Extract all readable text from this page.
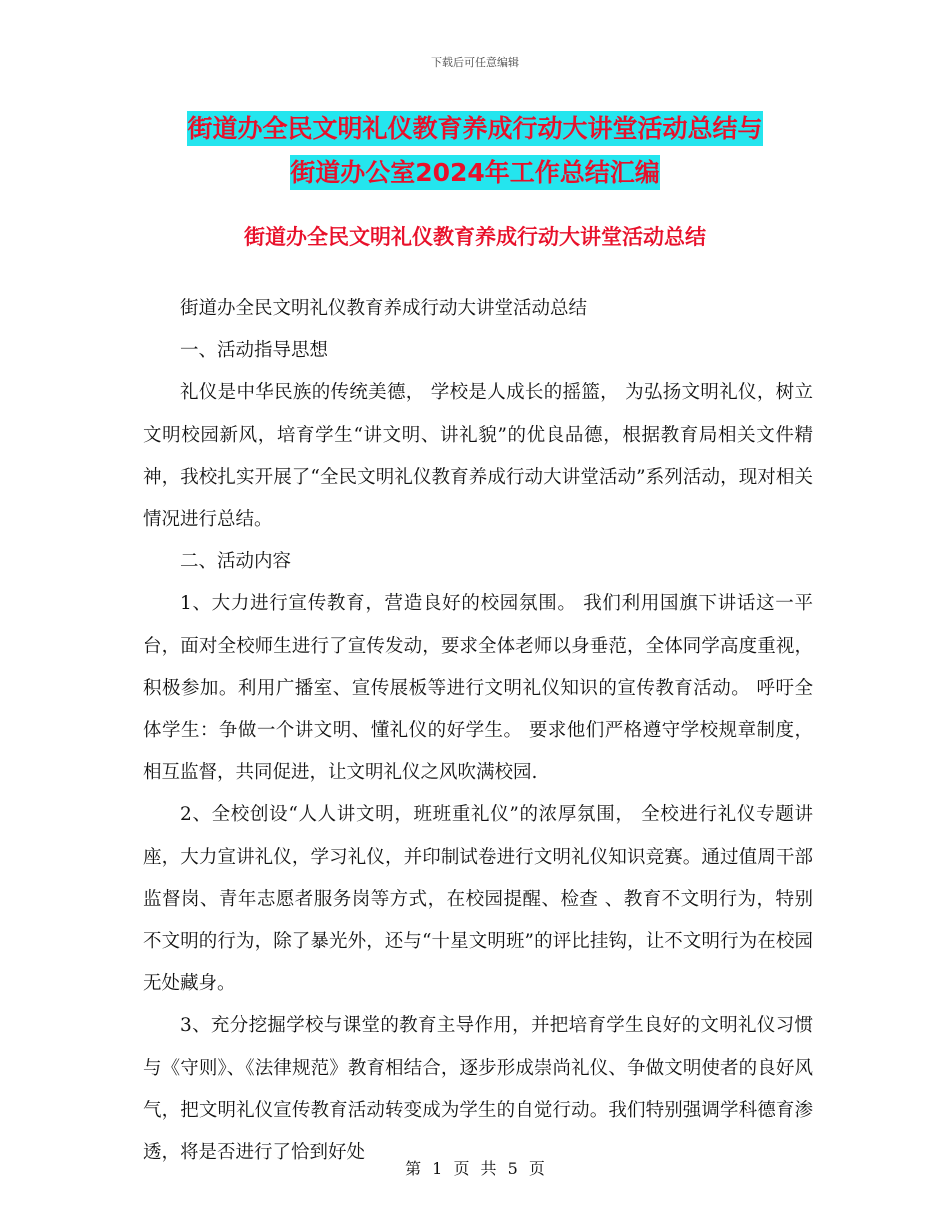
下载后可任意编辑
街道办全民文明礼仪教育养成行动大讲堂活动总结与
街道办公室2024年工作总结汇编
街道办全民文明礼仪教育养成行动大讲堂活动总结

街道办全民文明礼仪教育养成行动大讲堂活动总结

一、活动指导思想

礼仪是中华民族的传统美德， 学校是人成长的摇篮， 为弘扬文明礼仪，树立文明校园新风，培育学生“讲文明、讲礼貌”的优良品德，根据教育局相关文件精神，我校扎实开展了“全民文明礼仪教育养成行动大讲堂活动”系列活动，现对相关情况进行总结。

二、活动内容

1、大力进行宣传教育，营造良好的校园氛围。 我们利用国旗下讲话这一平台，面对全校师生进行了宣传发动，要求全体老师以身垂范，全体同学高度重视，积极参加。利用广播室、宣传展板等进行文明礼仪知识的宣传教育活动。 呼吁全体学生：争做一个讲文明、懂礼仪的好学生。 要求他们严格遵守学校规章制度，相互监督，共同促进，让文明礼仪之风吹满校园.

2、全校创设“人人讲文明，班班重礼仪”的浓厚氛围， 全校进行礼仪专题讲座，大力宣讲礼仪，学习礼仪，并印制试卷进行文明礼仪知识竞赛。通过值周干部监督岗、青年志愿者服务岗等方式，在校园提醒、检查 、教育不文明行为，特别不文明的行为，除了暴光外，还与“十星文明班”的评比挂钩，让不文明行为在校园无处藏身。

3、充分挖掘学校与课堂的教育主导作用，并把培育学生良好的文明礼仪习惯与《守则》、《法律规范》教育相结合，逐步形成崇尚礼仪、争做文明使者的良好风气，把文明礼仪宣传教育活动转变成为学生的自觉行动。我们特别强调学科德育渗透，将是否进行了恰到好处

第 1 页 共 5 页
